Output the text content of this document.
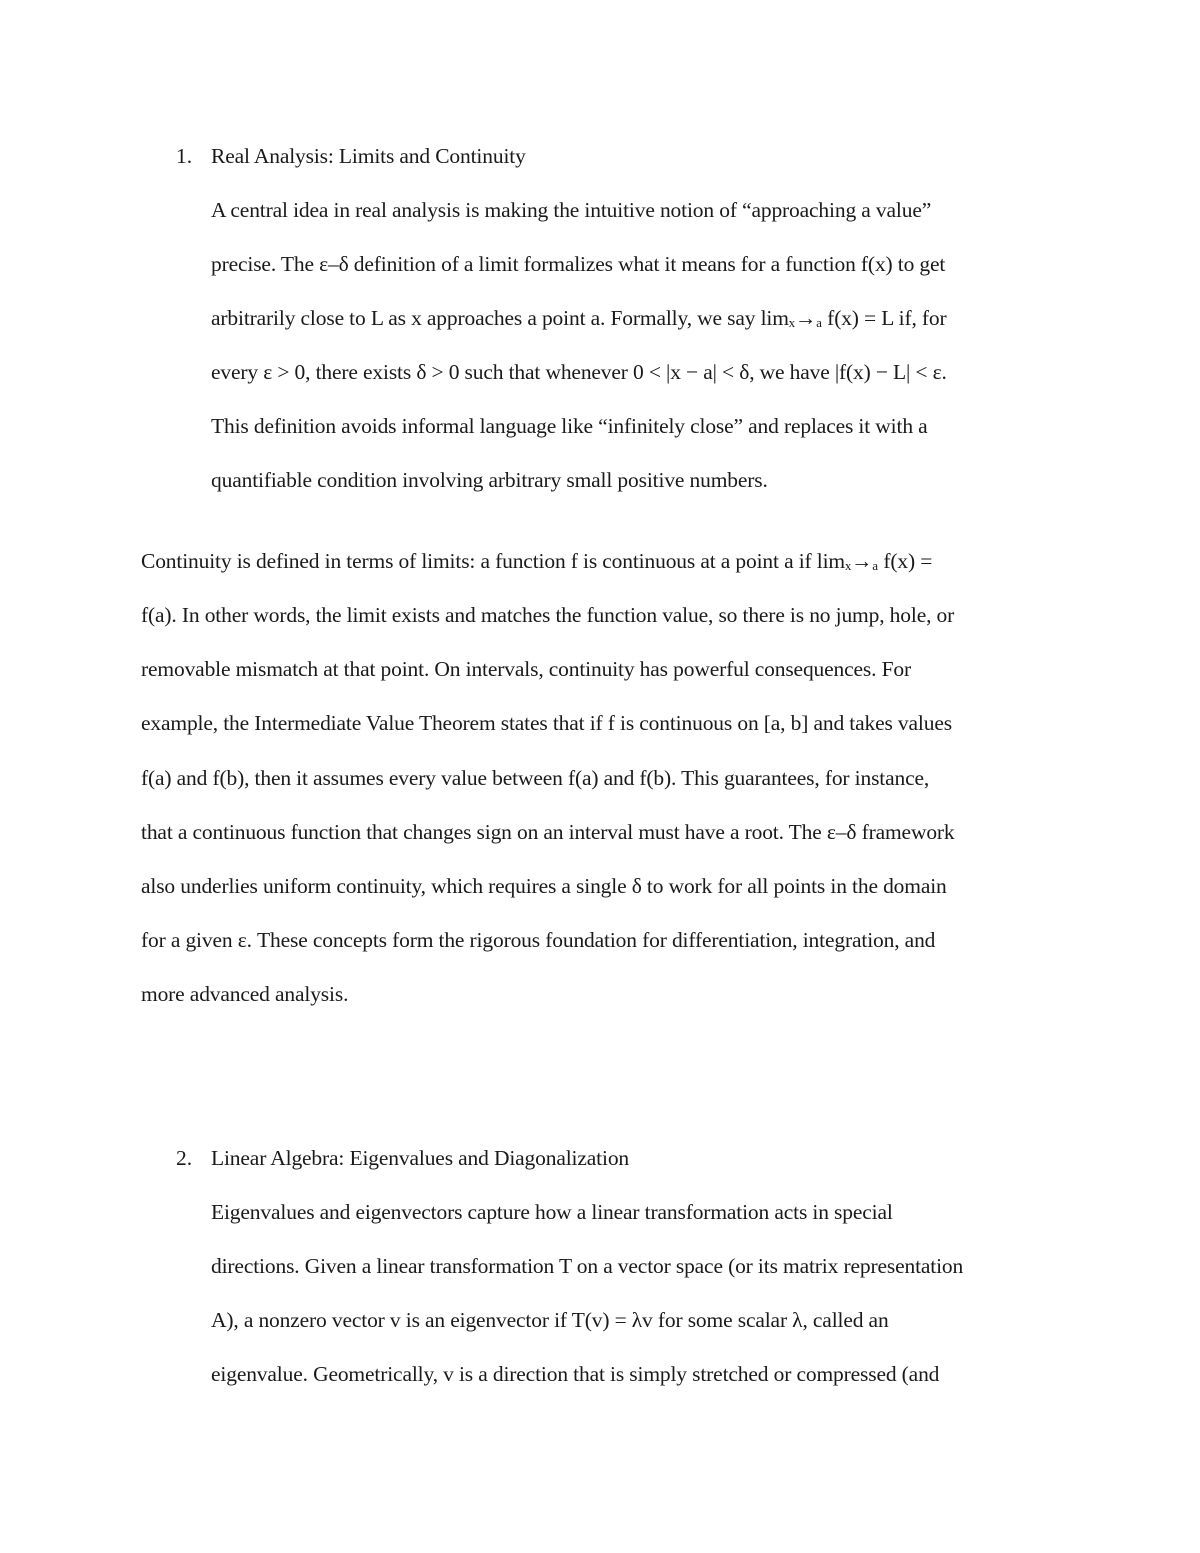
1. Real Analysis: Limits and Continuity
A central idea in real analysis is making the intuitive notion of “approaching a value”
precise. The ε–δ definition of a limit formalizes what it means for a function f(x) to get
arbitrarily close to L as x approaches a point a. Formally, we say limₓ→ₐ f(x) = L if, for
every ε > 0, there exists δ > 0 such that whenever 0 < |x − a| < δ, we have |f(x) − L| < ε.
This definition avoids informal language like “infinitely close” and replaces it with a
quantifiable condition involving arbitrary small positive numbers.
Continuity is defined in terms of limits: a function f is continuous at a point a if limₓ→ₐ f(x) =
f(a). In other words, the limit exists and matches the function value, so there is no jump, hole, or
removable mismatch at that point. On intervals, continuity has powerful consequences. For
example, the Intermediate Value Theorem states that if f is continuous on [a, b] and takes values
f(a) and f(b), then it assumes every value between f(a) and f(b). This guarantees, for instance,
that a continuous function that changes sign on an interval must have a root. The ε–δ framework
also underlies uniform continuity, which requires a single δ to work for all points in the domain
for a given ε. These concepts form the rigorous foundation for differentiation, integration, and
more advanced analysis.
2. Linear Algebra: Eigenvalues and Diagonalization
Eigenvalues and eigenvectors capture how a linear transformation acts in special
directions. Given a linear transformation T on a vector space (or its matrix representation
A), a nonzero vector v is an eigenvector if T(v) = λv for some scalar λ, called an
eigenvalue. Geometrically, v is a direction that is simply stretched or compressed (and
